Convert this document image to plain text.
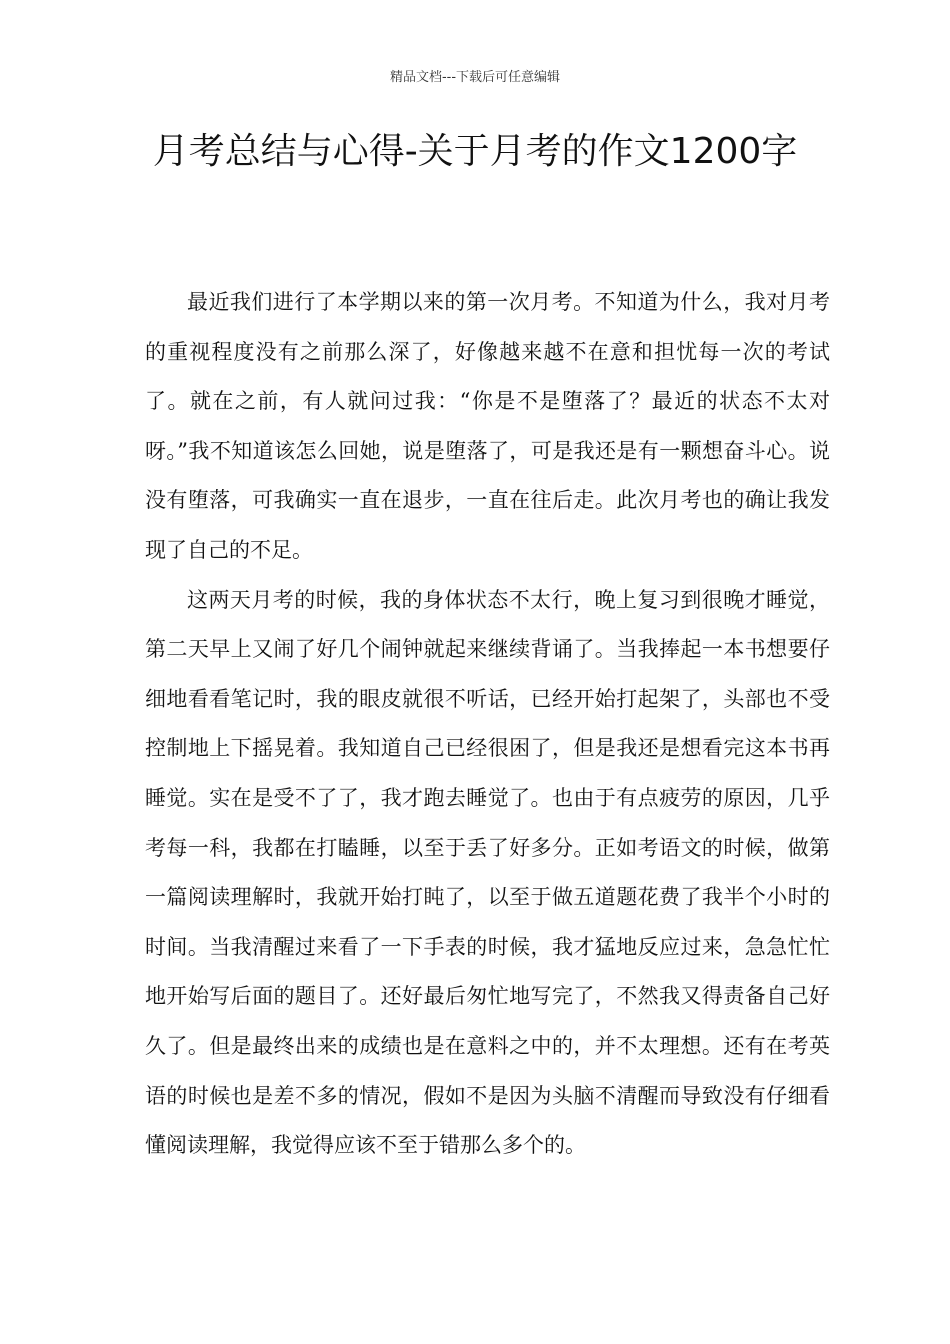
精品文档---下载后可任意编辑
月考总结与心得-关于月考的作文1200字

最近我们进行了本学期以来的第一次月考。不知道为什么，我对月考的重视程度没有之前那么深了，好像越来越不在意和担忧每一次的考试了。就在之前，有人就问过我：“你是不是堕落了？最近的状态不太对呀。”我不知道该怎么回她，说是堕落了，可是我还是有一颗想奋斗心。说没有堕落，可我确实一直在退步，一直在往后走。此次月考也的确让我发现了自己的不足。

这两天月考的时候，我的身体状态不太行，晚上复习到很晚才睡觉，第二天早上又闹了好几个闹钟就起来继续背诵了。当我捧起一本书想要仔细地看看笔记时，我的眼皮就很不听话，已经开始打起架了，头部也不受控制地上下摇晃着。我知道自己已经很困了，但是我还是想看完这本书再睡觉。实在是受不了了，我才跑去睡觉了。也由于有点疲劳的原因，几乎考每一科，我都在打瞌睡，以至于丢了好多分。正如考语文的时候，做第一篇阅读理解时，我就开始打盹了，以至于做五道题花费了我半个小时的时间。当我清醒过来看了一下手表的时候，我才猛地反应过来，急急忙忙地开始写后面的题目了。还好最后匆忙地写完了，不然我又得责备自己好久了。但是最终出来的成绩也是在意料之中的，并不太理想。还有在考英语的时候也是差不多的情况，假如不是因为头脑不清醒而导致没有仔细看懂阅读理解，我觉得应该不至于错那么多个的。
